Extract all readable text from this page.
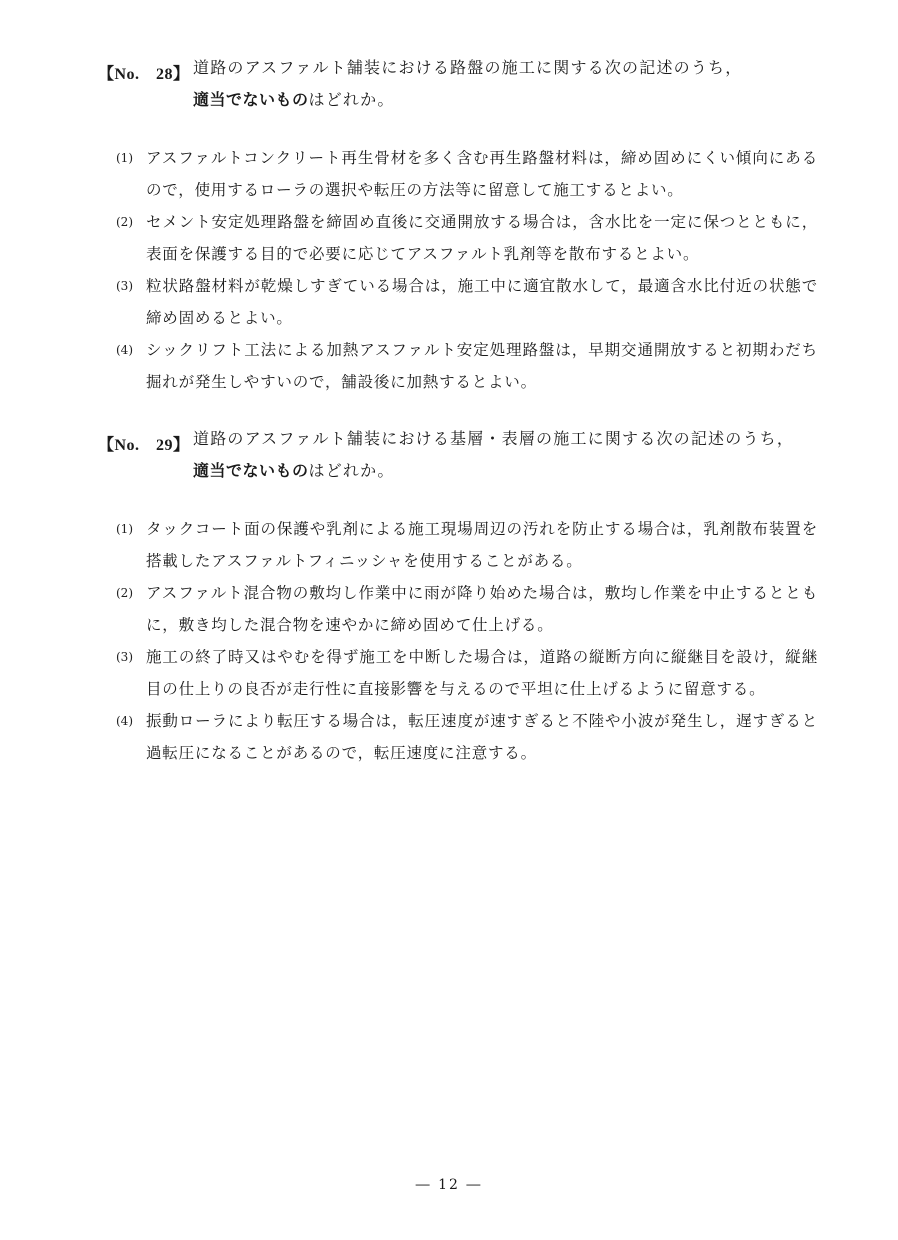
【No.　28】 道路のアスファルト舗装における路盤の施工に関する次の記述のうち，
適当でないものはどれか。
(1) アスファルトコンクリート再生骨材を多く含む再生路盤材料は，締め固めにくい傾向にあるので，使用するローラの選択や転圧の方法等に留意して施工するとよい。
(2) セメント安定処理路盤を締固め直後に交通開放する場合は，含水比を一定に保つとともに，表面を保護する目的で必要に応じてアスファルト乳剤等を散布するとよい。
(3) 粒状路盤材料が乾燥しすぎている場合は，施工中に適宜散水して，最適含水比付近の状態で締め固めるとよい。
(4) シックリフト工法による加熱アスファルト安定処理路盤は，早期交通開放すると初期わだち掘れが発生しやすいので，舗設後に加熱するとよい。
【No.　29】 道路のアスファルト舗装における基層・表層の施工に関する次の記述のうち，
適当でないものはどれか。
(1) タックコート面の保護や乳剤による施工現場周辺の汚れを防止する場合は，乳剤散布装置を搭載したアスファルトフィニッシャを使用することがある。
(2) アスファルト混合物の敷均し作業中に雨が降り始めた場合は，敷均し作業を中止するとともに，敷き均した混合物を速やかに締め固めて仕上げる。
(3) 施工の終了時又はやむを得ず施工を中断した場合は，道路の縦断方向に縦継目を設け，縦継目の仕上りの良否が走行性に直接影響を与えるので平坦に仕上げるように留意する。
(4) 振動ローラにより転圧する場合は，転圧速度が速すぎると不陸や小波が発生し，遅すぎると過転圧になることがあるので，転圧速度に注意する。
― 12 ―
